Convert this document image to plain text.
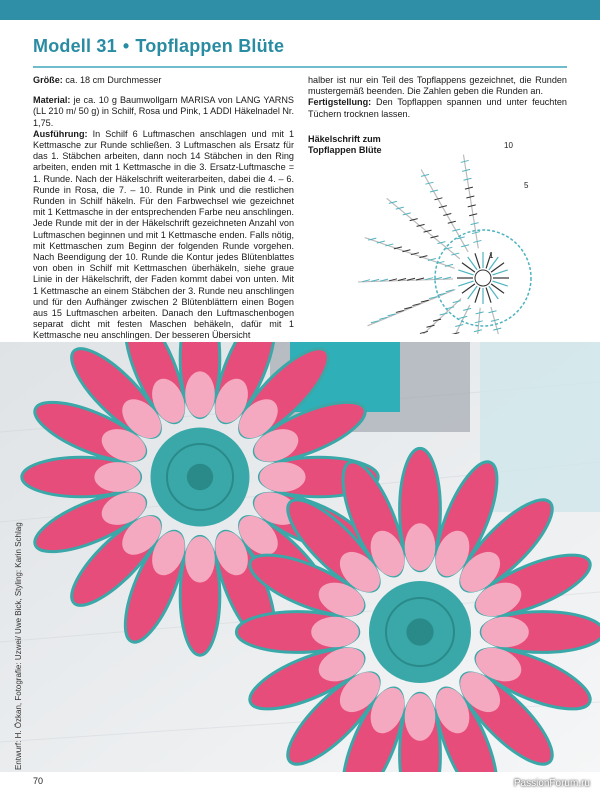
Modell 31 • Topflappen Blüte

Größe: ca. 18 cm Durchmesser

Material: je ca. 10 g Baumwollgarn MARISA von LANG YARNS (LL 210 m/ 50 g) in Schilf, Rosa und Pink, 1 ADDI Häkelnadel Nr. 1,75.

Ausführung: In Schilf 6 Luftmaschen anschlagen und mit 1 Kettmasche zur Runde schließen. 3 Luftmaschen als Ersatz für das 1. Stäbchen arbeiten, dann noch 14 Stäbchen in den Ring arbeiten, enden mit 1 Kettmasche in die 3. Ersatz-Luftmasche = 1. Runde. Nach der Häkelschrift weiterarbeiten, dabei die 4. – 6. Runde in Rosa, die 7. – 10. Runde in Pink und die restlichen Runden in Schilf häkeln. Für den Farbwechsel wie gezeichnet mit 1 Kettmasche in der entsprechenden Farbe neu anschlingen. Jede Runde mit der in der Häkelschrift gezeichneten Anzahl von Luftmaschen beginnen und mit 1 Kettmasche enden. Falls nötig, mit Kettmaschen zum Beginn der folgenden Runde vorgehen. Nach Beendigung der 10. Runde die Kontur jedes Blütenblattes von oben in Schilf mit Kettmaschen überhäkeln, siehe graue Linie in der Häkelschrift, der Faden kommt dabei von unten. Mit 1 Kettmasche an einem Stäbchen der 3. Runde neu anschlingen und für den Aufhänger zwischen 2 Blütenblättern einen Bogen aus 15 Luftmaschen arbeiten. Danach den Luftmaschenbogen separat dicht mit festen Maschen behäkeln, dafür mit 1 Kettmasche neu anschlingen. Der besseren Übersicht

halber ist nur ein Teil des Topflappens gezeichnet, die Runden mustergemäß beenden. Die Zahlen geben die Runden an.

Fertigstellung: Den Topflappen spannen und unter feuchten Tüchern trocknen lassen.

10
5
1
Häkelschrift zum Topflappen Blüte
Entwurf: H. Özkan, Fotografie: Uzwei/ Uwe Bick, Styling: Karin Schlag
70	PassionForum.ru
